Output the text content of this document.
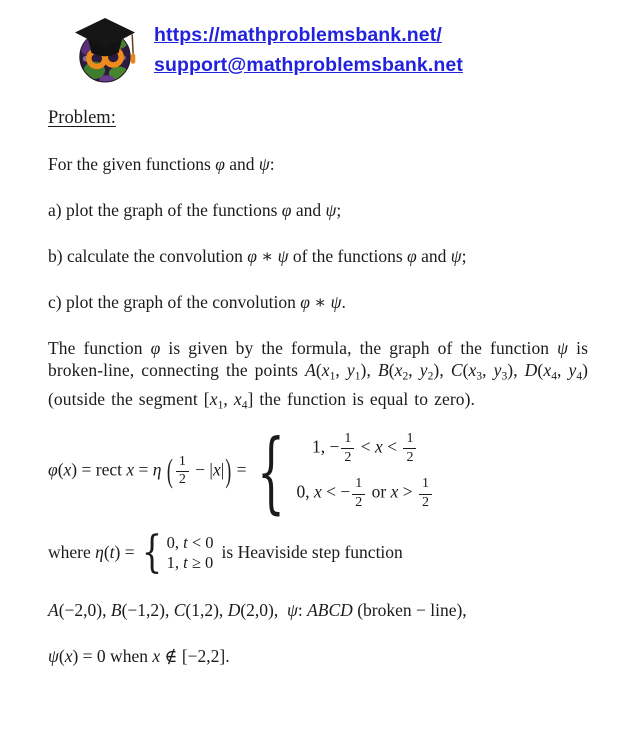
https://mathproblemsbank.net/
support@mathproblemsbank.net
Problem:

For the given functions φ and ψ:

a) plot the graph of the functions φ and ψ;

b) calculate the convolution φ ∗ ψ of the functions φ and ψ;

c) plot the graph of the convolution φ ∗ ψ.

The function φ is given by the formula, the graph of the function ψ is broken-line, connecting the points $A(x_1$, $y_1$), $B(x_2$, $y_2$), $C(x_3$, $y_3$), $D(x_4$, $y_4$) (outside the segment [$x_1$, $x_4$] the function is equal to zero).

φ(x) = rect x = η ( $\frac{1}{2} - |x|$) = { 1, − $\frac{1}{2} < x < \frac{1}{2}$
0, x < − $\frac{1}{2}$ or $x > \frac{1}{2}$
where η(t) = { 0, t < 0
1, t ≥ 0 is Heaviside step function

A(−2,0), B(−1,2), C(1,2), D(2,0),  ψ: ABCD (broken − line),

ψ(x) = 0 when x ∉ [−2,2].
